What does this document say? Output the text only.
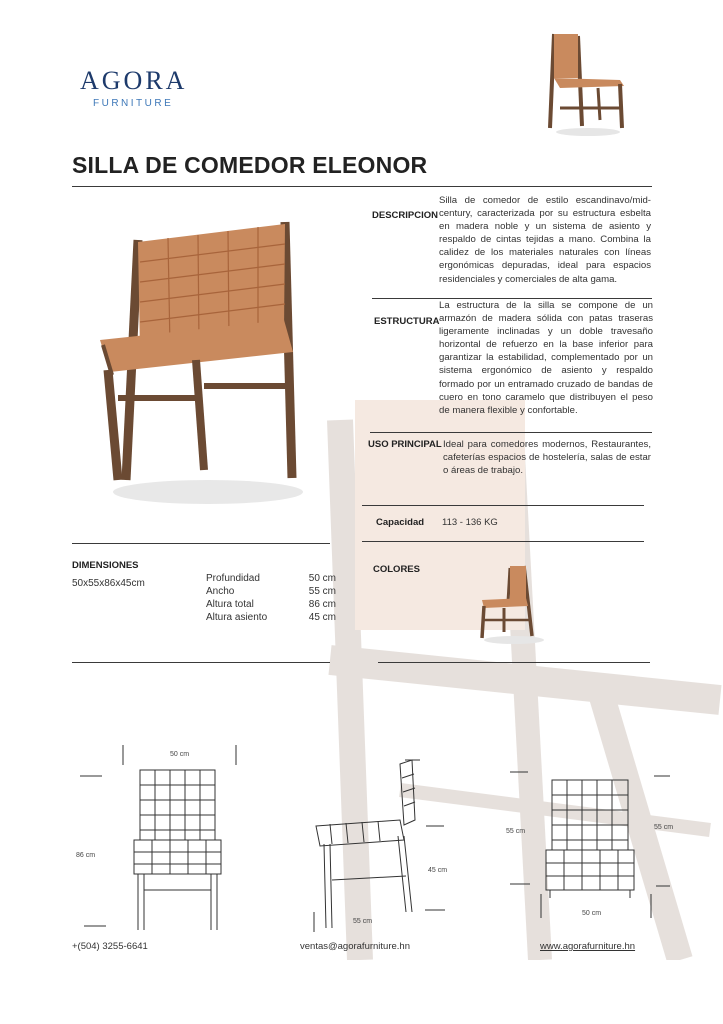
AGORA
FURNITURE
SILLA DE COMEDOR ELEONOR
DESCRIPCION
Silla de comedor de estilo escandinavo/mid-century, caracterizada por su estructura esbelta en madera noble y un sistema de asiento y respaldo de cintas tejidas a mano. Combina la calidez de los materiales naturales con líneas ergonómicas depuradas, ideal para espacios residenciales y comerciales de alta gama.
ESTRUCTURA
La estructura de la silla se compone de un armazón de madera sólida con patas traseras ligeramente inclinadas y un doble travesaño horizontal de refuerzo en la base inferior para garantizar la estabilidad, complementado por un sistema ergonómico de asiento y respaldo formado por un entramado cruzado de bandas de cuero en tono caramelo que distribuyen el peso de manera flexible y confortable.
USO PRINCIPAL Ideal para comedores modernos, Restaurantes, cafeterías espacios de hostelería, salas de estar o áreas de trabajo.
Capacidad 113 - 136 KG
COLORES
DIMENSIONES
50x55x86x45cm	Profundidad	50 cm
Ancho	55 cm
Altura total	86 cm
Altura asiento	45 cm
50 cm
86 cm
45 cm
55 cm
55 cm
55 cm
50 cm
+(504) 3255-6641	ventas@agorafurniture.hn	www.agorafurniture.hn
